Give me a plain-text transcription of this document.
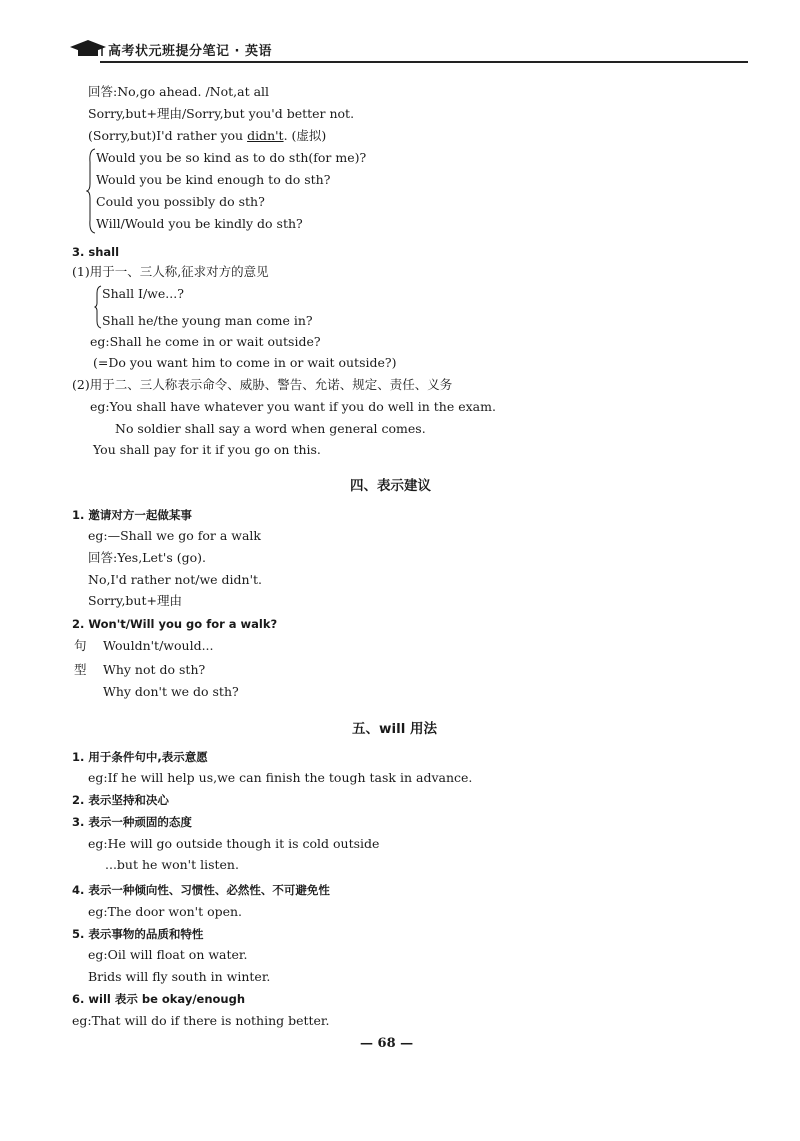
高考状元班提分笔记 · 英语
回答:No,go ahead. /Not,at all
Sorry,but+理由/Sorry,but you'd better not.
(Sorry,but)I'd rather you didn't. (虚拟)
Would you be so kind as to do sth(for me)?
Would you be kind enough to do sth?
Could you possibly do sth?
Will/Would you be kindly do sth?
3. shall
(1)用于一、三人称,征求对方的意见
Shall I/we...?
Shall he/the young man come in?
eg:Shall he come in or wait outside?
(=Do you want him to come in or wait outside?)
(2)用于二、三人称表示命令、威胁、警告、允诺、规定、责任、义务
eg:You shall have whatever you want if you do well in the exam.
No soldier shall say a word when general comes.
You shall pay for it if you go on this.
四、表示建议
1. 邀请对方一起做某事
eg:—Shall we go for a walk
回答:Yes,Let's (go).
No,I'd rather not/we didn't.
Sorry,but+理由
2. Won't/Will you go for a walk?
句 Wouldn't/would...
型 Why not do sth?
Why don't we do sth?
五、will 用法
1. 用于条件句中,表示意愿
eg:If he will help us,we can finish the tough task in advance.
2. 表示坚持和决心
3. 表示一种顽固的态度
eg:He will go outside though it is cold outside
...but he won't listen.
4. 表示一种倾向性、习惯性、必然性、不可避免性
eg:The door won't open.
5. 表示事物的品质和特性
eg:Oil will float on water.
Brids will fly south in winter.
6. will 表示 be okay/enough
eg:That will do if there is nothing better.
— 68 —
